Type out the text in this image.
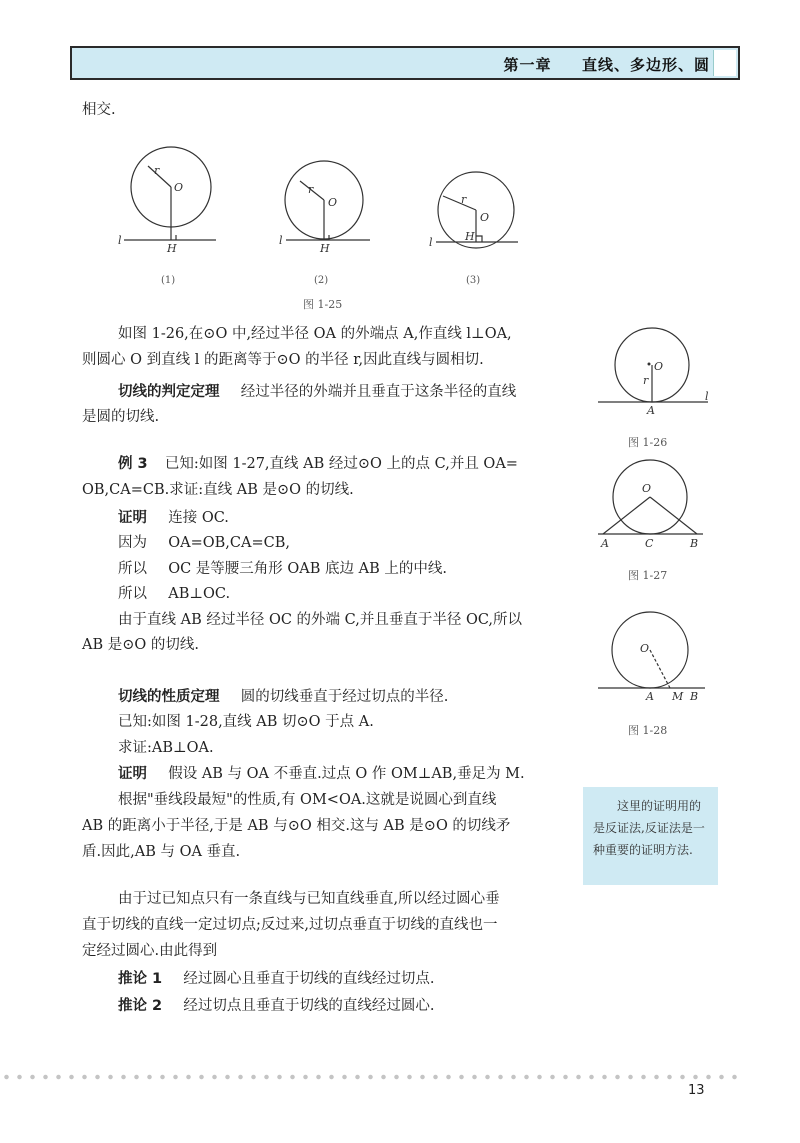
第一章 直线、多边形、圆
相交.
r
O
H
l
(1)
r
O
H
l
(2)
r
O
H
l
(3)
图 1-25
如图 1-26,在⊙O 中,经过半径 OA 的外端点 A,作直线 l⊥OA,
则圆心 O 到直线 l 的距离等于⊙O 的半径 r,因此直线与圆相切.
切线的判定定理 经过半径的外端并且垂直于这条半径的直线
是圆的切线.
例 3 已知:如图 1-27,直线 AB 经过⊙O 上的点 C,并且 OA=
OB,CA=CB.求证:直线 AB 是⊙O 的切线.
证明 连接 OC.
因为 OA=OB,CA=CB,
所以 OC 是等腰三角形 OAB 底边 AB 上的中线.
所以 AB⊥OC.
由于直线 AB 经过半径 OC 的外端 C,并且垂直于半径 OC,所以
AB 是⊙O 的切线.
切线的性质定理 圆的切线垂直于经过切点的半径.
已知:如图 1-28,直线 AB 切⊙O 于点 A.
求证:AB⊥OA.
证明 假设 AB 与 OA 不垂直.过点 O 作 OM⊥AB,垂足为 M.
根据"垂线段最短"的性质,有 OM<OA.这就是说圆心到直线
AB 的距离小于半径,于是 AB 与⊙O 相交.这与 AB 是⊙O 的切线矛
盾.因此,AB 与 OA 垂直.
由于过已知点只有一条直线与已知直线垂直,所以经过圆心垂
直于切线的直线一定过切点;反过来,过切点垂直于切线的直线也一
定经过圆心.由此得到
推论 1 经过圆心且垂直于切线的直线经过切点.
推论 2 经过切点且垂直于切线的直线经过圆心.
O
r
A
l
O
A	C	B
O
A M B
图 1-26
图 1-27
图 1-28
这里的证明用的是反证法,反证法是一种重要的证明方法.
13
